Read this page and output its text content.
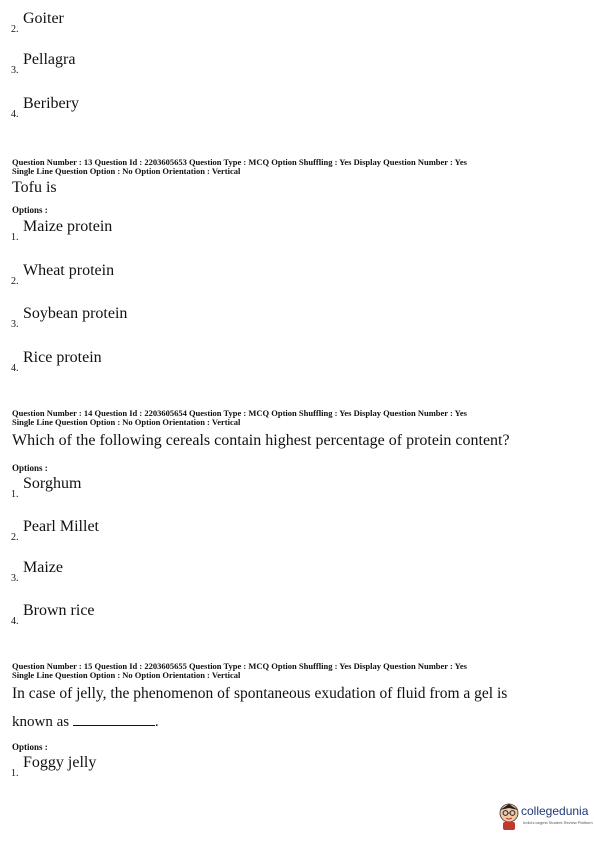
2.
Goiter
3.
Pellagra
4.
Beribery
Question Number : 13 Question Id : 2203605653 Question Type : MCQ Option Shuffling : Yes Display Question Number : Yes
Single Line Question Option : No Option Orientation : Vertical
Tofu is
Options :
1.
Maize protein
2.
Wheat protein
3.
Soybean protein
4.
Rice protein
Question Number : 14 Question Id : 2203605654 Question Type : MCQ Option Shuffling : Yes Display Question Number : Yes
Single Line Question Option : No Option Orientation : Vertical
Which of the following cereals contain highest percentage of protein content?
Options :
1.
Sorghum
2.
Pearl Millet
3.
Maize
4.
Brown rice
Question Number : 15 Question Id : 2203605655 Question Type : MCQ Option Shuffling : Yes Display Question Number : Yes
Single Line Question Option : No Option Orientation : Vertical
In case of jelly, the phenomenon of spontaneous exudation of fluid from a gel is
known as	.
Options :
1.
Foggy jelly
collegedunia
India's largest Student Review Platform
